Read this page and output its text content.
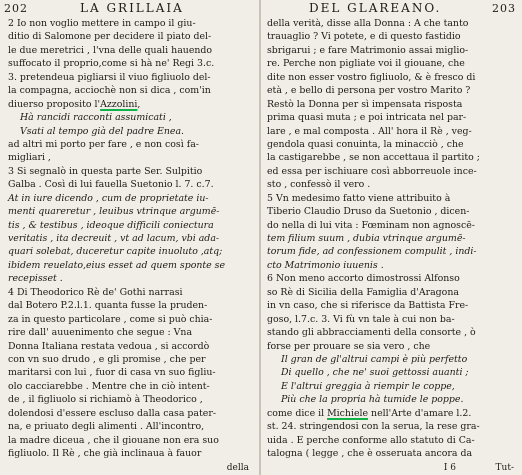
202	LA GRILLAIA
2 Io non voglio mettere in campo il giu-
ditio di Salomone per decidere il piato del-
le due meretrici , l'vna delle quali hauendo
suffocato il proprio,come si hà ne' Regi 3.c.
3. pretendeua pigliarsi il viuo figliuolo del-
la compagna, acciochè non si dica , com'in
diuerso proposito l'Azzolini,
Hà rancidi racconti assumicati ,
Vsati al tempo già del padre Enea.
ad altri mi porto per fare , e non così fa-
migliari ,
3 Si segnalò in questa parte Ser. Sulpitio
Galba . Così di lui fauella Suetonio l. 7. c.7.
At in iure dicendo , cum de proprietate iu-
menti quareretur , leuibus vtrinque argumē-
tis , & testibus , ideoque difficili coniectura
veritatis , ita decreuit , vt ad lacum, vbi ada-
quari solebat, duceretur capite inuoluto ,atq;
ibidem reuelato,eius esset ad quem sponte se
recepisset .
4 Di Theodorico Rè de' Gothi narrasi
dal Botero P.2.l.1. quanta fusse la pruden-
za in questo particolare , come si può chia-
rire dall' auuenimento che segue : Vna
Donna Italiana restata vedoua , si accordò
con vn suo drudo , e gli promise , che per
maritarsi con lui , fuor di casa vn suo figliu-
olo cacciarebbe . Mentre che in ciò intent-
de , il figliuolo si richiamò à Theodorico ,
dolendosi d'essere escluso dalla casa pater-
na, e priuato degli alimenti . All'incontro,
la madre diceua , che il giouane non era suo
figliuolo. Il Rè , che già inclinaua à fauor
della
DEL GLAREANO.	203
della verità, disse alla Donna : A che tanto
trauaglio ? Vi potete, e di questo fastidio
sbrigarui ; e fare Matrimonio assai miglio-
re. Perche non pigliate voi il giouane, che
dite non esser vostro figliuolo, & è fresco di
età , e bello di persona per vostro Marito ?
Restò la Donna per sì impensata risposta
prima quasi muta ; e poi intricata nel par-
lare , e mal composta . All' hora il Rè , veg-
gendola quasi conuinta, la minacciò , che
la castigarebbe , se non accettaua il partito ;
ed essa per ischiuare così abborreuole ince-
sto , confessò il vero .
5 Vn medesimo fatto viene attribuito à
Tiberio Claudio Druso da Suetonio , dicen-
do nella di lui vita : Fœminam non agnoscē-
tem filium suum , dubia vtrinque argumē-
torum fide, ad confessionem compulit , indi-
cto Matrimonio iuuenis .
6 Non meno accorto dimostrossi Alfonso
so Rè di Sicilia della Famiglia d'Aragona
in vn caso, che si riferisce da Battista Fre-
goso, l.7.c. 3. Vi fù vn tale à cui non ba-
stando gli abbracciamenti della consorte , ò
forse per prouare se sia vero , che
Il gran de gl'altrui campi è più perfetto
Di quello , che ne' suoi gettossi auanti ;
E l'altrui greggia à riempir le coppe,
Più che la propria hà tumide le poppe.
come dice il Michiele nell'Arte d'amare l.2.
st. 24. stringendosi con la serua, la rese gra-
uida . E perche conforme allo statuto di Ca-
talogna ( legge , che è osseruata ancora da
I 6	Tut-
